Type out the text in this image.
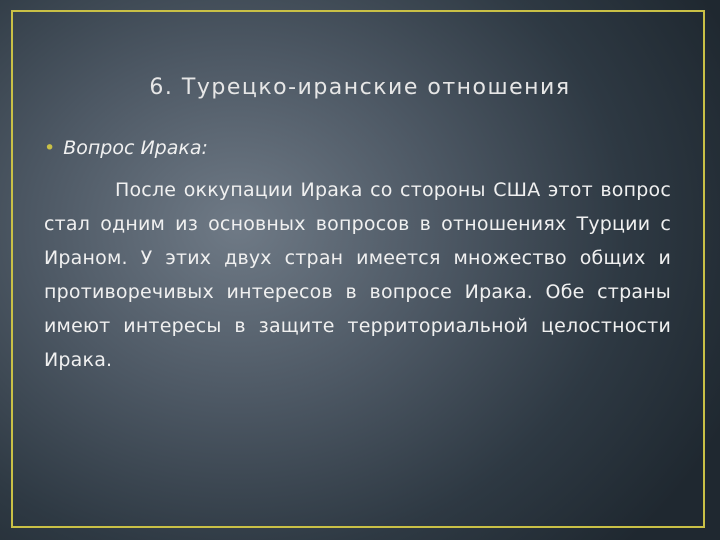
6. Турецко-иранские отношения
• Вопрос Ирака:
После оккупации Ирака со стороны США этот вопрос стал одним из основных вопросов в отношениях Турции с Ираном. У этих двух стран имеется множество общих и противоречивых интересов в вопросе Ирака. Обе страны имеют интересы в защите территориальной целостности Ирака.
